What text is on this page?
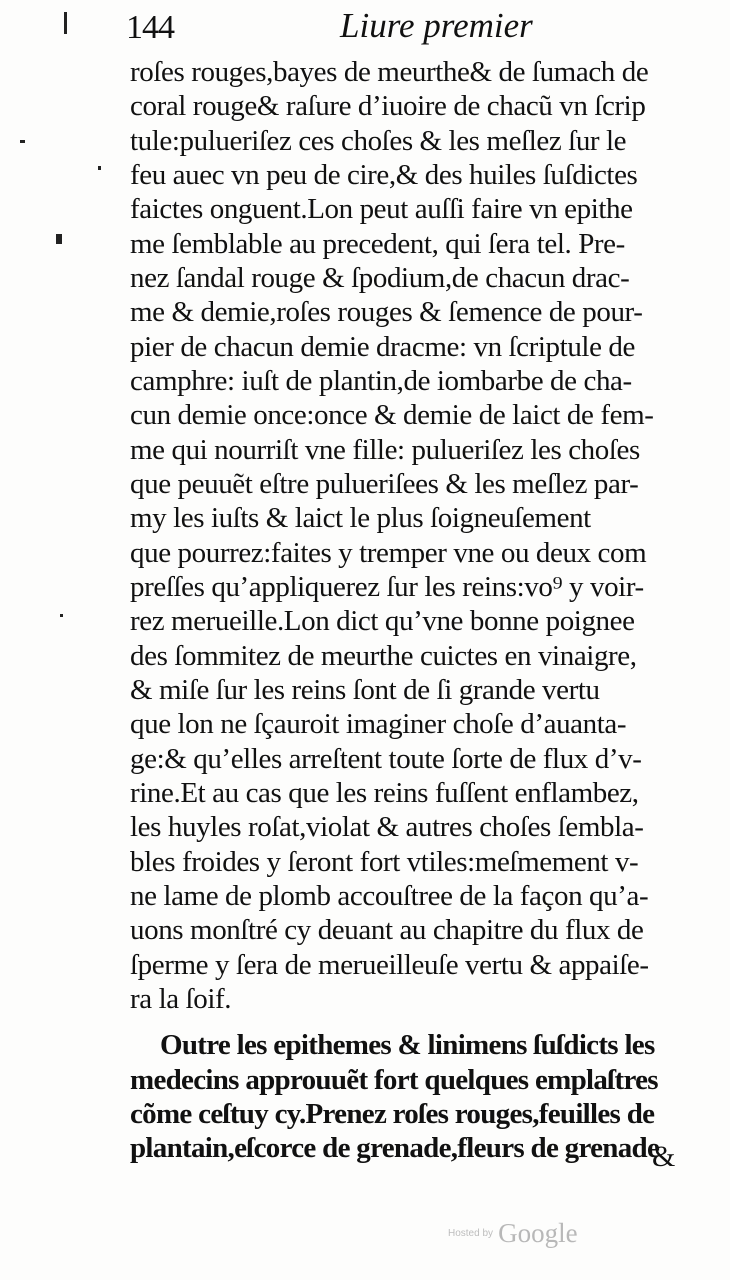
144	Liure premier
roſes rouges,bayes de meurthe& de ſumach de
coral rouge& raſure d’iuoire de chacũ vn ſcrip
tule:pulueriſez ces choſes & les meſlez ſur le
feu auec vn peu de cire,& des huiles ſuſdictes
faictes onguent.Lon peut auſſi faire vn epithe
me ſemblable au precedent, qui ſera tel. Pre-
nez ſandal rouge & ſpodium,de chacun drac-
me & demie,roſes rouges & ſemence de pour-
pier de chacun demie dracme: vn ſcriptule de
camphre: iuſt de plantin,de iombarbe de cha-
cun demie once:once & demie de laict de fem-
me qui nourriſt vne fille: pulueriſez les choſes
que peuuẽt eſtre pulueriſees & les meſlez par-
my les iuſts & laict le plus ſoigneuſement
que pourrez:faites y tremper vne ou deux com
preſſes qu’appliquerez ſur les reins:vo⁹ y voir-
rez merueille.Lon dict qu’vne bonne poignee
des ſommitez de meurthe cuictes en vinaigre,
& miſe ſur les reins ſont de ſi grande vertu
que lon ne ſçauroit imaginer choſe d’auanta-
ge:& qu’elles arreſtent toute ſorte de flux d’v-
rine.Et au cas que les reins fuſſent enflambez,
les huyles roſat,violat & autres choſes ſembla-
bles froides y ſeront fort vtiles:meſmement v-
ne lame de plomb accouſtree de la façon qu’a-
uons monſtré cy deuant au chapitre du flux de
ſperme y ſera de merueilleuſe vertu & appaiſe-
ra la ſoif.
Outre les epithemes & linimens ſuſdicts les
medecins approuuẽt fort quelques emplaſtres
cõme ceſtuy cy.Prenez roſes rouges,feuilles de
plantain,eſcorce de grenade,fleurs de grenade
&
Hosted by Google
